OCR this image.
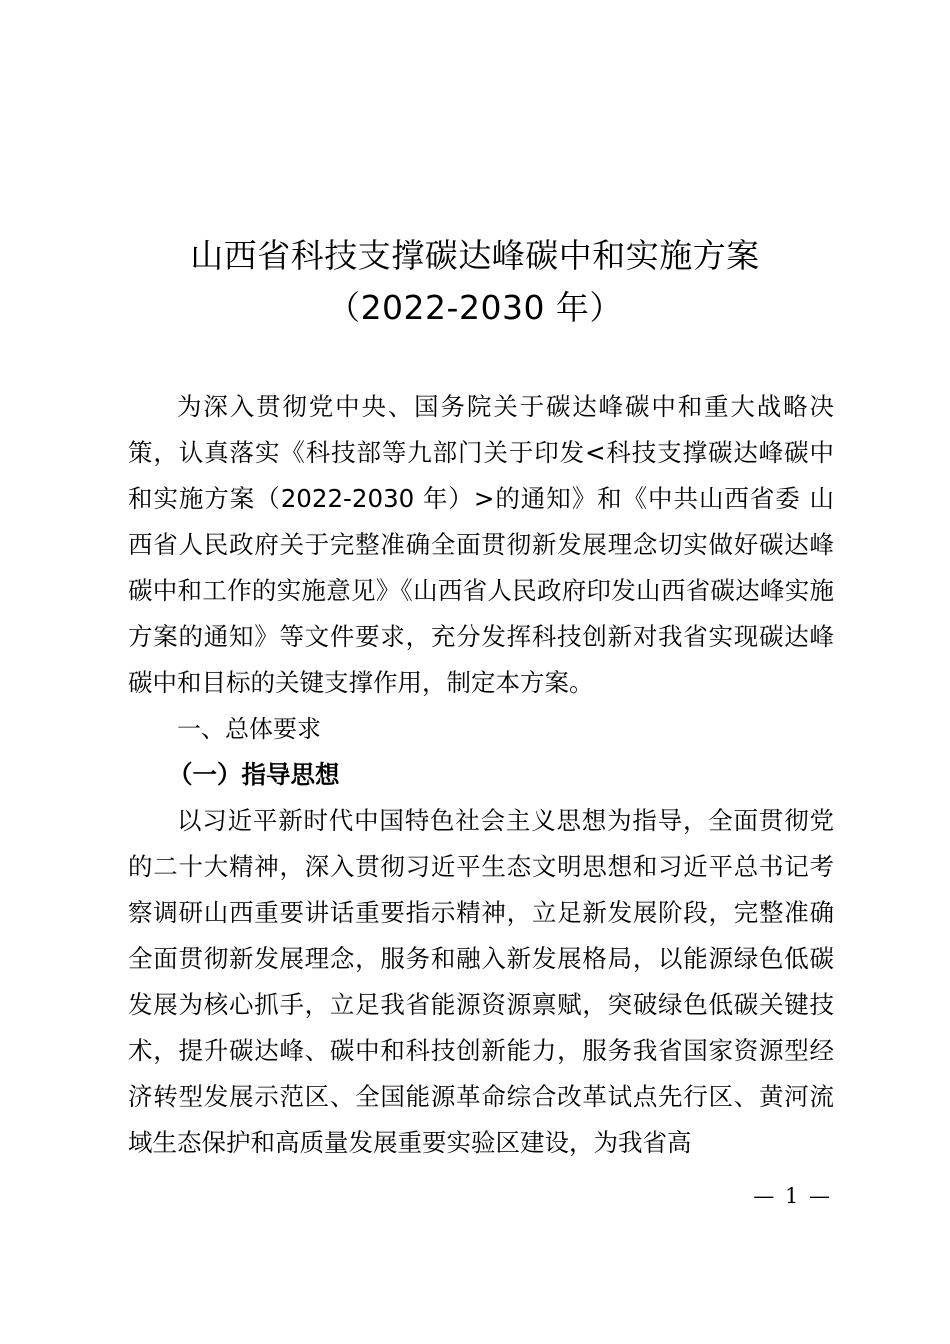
山西省科技支撑碳达峰碳中和实施方案
（2022-2030 年）

为深入贯彻党中央、国务院关于碳达峰碳中和重大战略决策，认真落实《科技部等九部门关于印发<科技支撑碳达峰碳中和实施方案（2022-2030 年）>的通知》和《中共山西省委 山西省人民政府关于完整准确全面贯彻新发展理念切实做好碳达峰碳中和工作的实施意见》《山西省人民政府印发山西省碳达峰实施方案的通知》等文件要求，充分发挥科技创新对我省实现碳达峰碳中和目标的关键支撑作用，制定本方案。

一、总体要求

（一）指导思想

以习近平新时代中国特色社会主义思想为指导，全面贯彻党的二十大精神，深入贯彻习近平生态文明思想和习近平总书记考察调研山西重要讲话重要指示精神，立足新发展阶段，完整准确全面贯彻新发展理念，服务和融入新发展格局，以能源绿色低碳发展为核心抓手，立足我省能源资源禀赋，突破绿色低碳关键技术，提升碳达峰、碳中和科技创新能力，服务我省国家资源型经济转型发展示范区、全国能源革命综合改革试点先行区、黄河流域生态保护和高质量发展重要实验区建设，为我省高

— 1 —
